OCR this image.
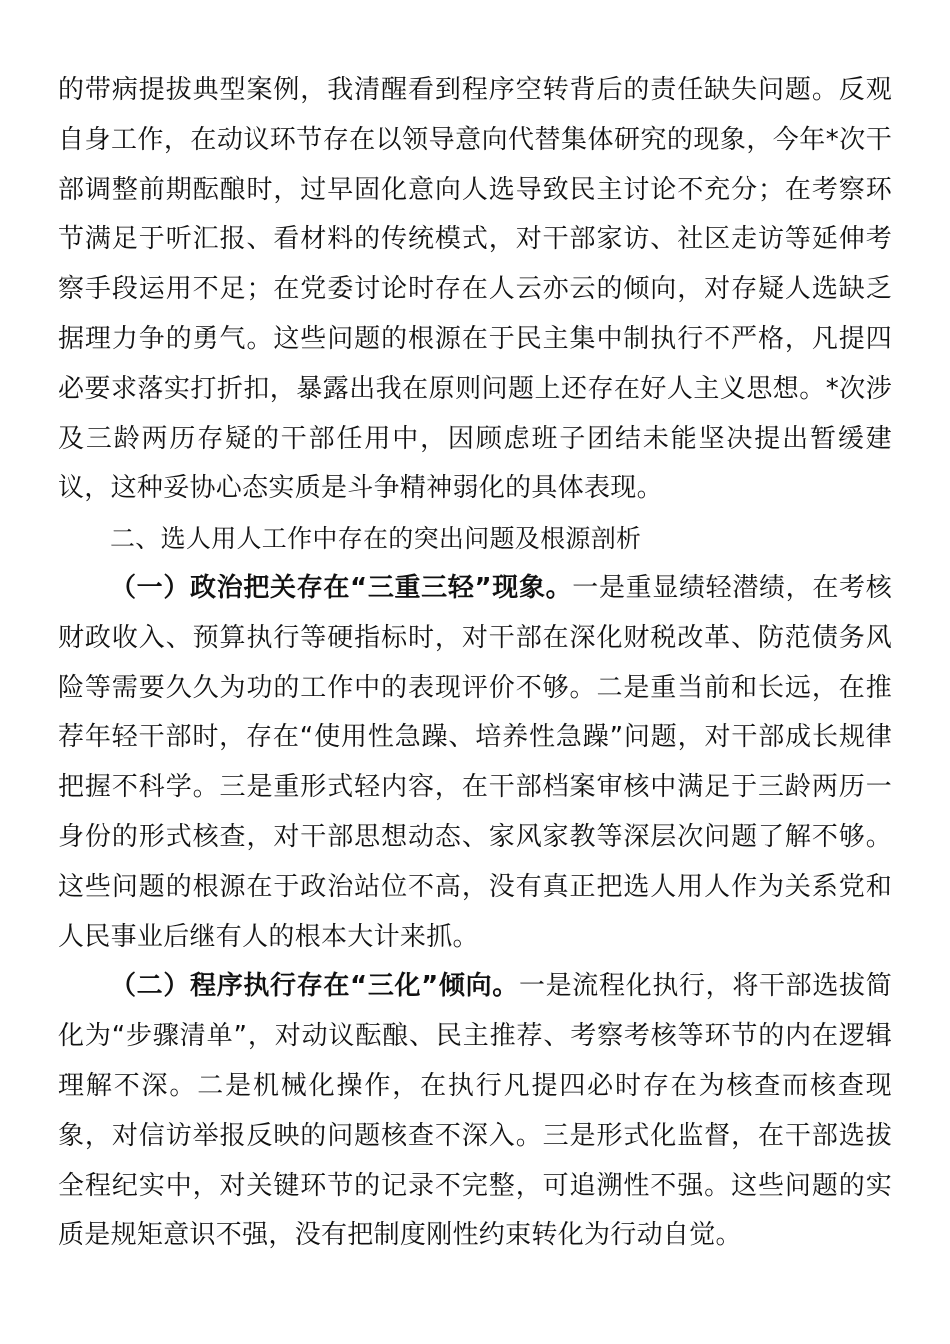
的带病提拔典型案例，我清醒看到程序空转背后的责任缺失问题。反观自身工作，在动议环节存在以领导意向代替集体研究的现象，今年*次干部调整前期酝酿时，过早固化意向人选导致民主讨论不充分；在考察环节满足于听汇报、看材料的传统模式，对干部家访、社区走访等延伸考察手段运用不足；在党委讨论时存在人云亦云的倾向，对存疑人选缺乏据理力争的勇气。这些问题的根源在于民主集中制执行不严格，凡提四必要求落实打折扣，暴露出我在原则问题上还存在好人主义思想。*次涉及三龄两历存疑的干部任用中，因顾虑班子团结未能坚决提出暂缓建议，这种妥协心态实质是斗争精神弱化的具体表现。

二、选人用人工作中存在的突出问题及根源剖析

（一）政治把关存在“三重三轻”现象。一是重显绩轻潜绩，在考核财政收入、预算执行等硬指标时，对干部在深化财税改革、防范债务风险等需要久久为功的工作中的表现评价不够。二是重当前和长远，在推荐年轻干部时，存在“使用性急躁、培养性急躁”问题，对干部成长规律把握不科学。三是重形式轻内容，在干部档案审核中满足于三龄两历一身份的形式核查，对干部思想动态、家风家教等深层次问题了解不够。这些问题的根源在于政治站位不高，没有真正把选人用人作为关系党和人民事业后继有人的根本大计来抓。

（二）程序执行存在“三化”倾向。一是流程化执行，将干部选拔简化为“步骤清单”，对动议酝酿、民主推荐、考察考核等环节的内在逻辑理解不深。二是机械化操作，在执行凡提四必时存在为核查而核查现象，对信访举报反映的问题核查不深入。三是形式化监督，在干部选拔全程纪实中，对关键环节的记录不完整，可追溯性不强。这些问题的实质是规矩意识不强，没有把制度刚性约束转化为行动自觉。
